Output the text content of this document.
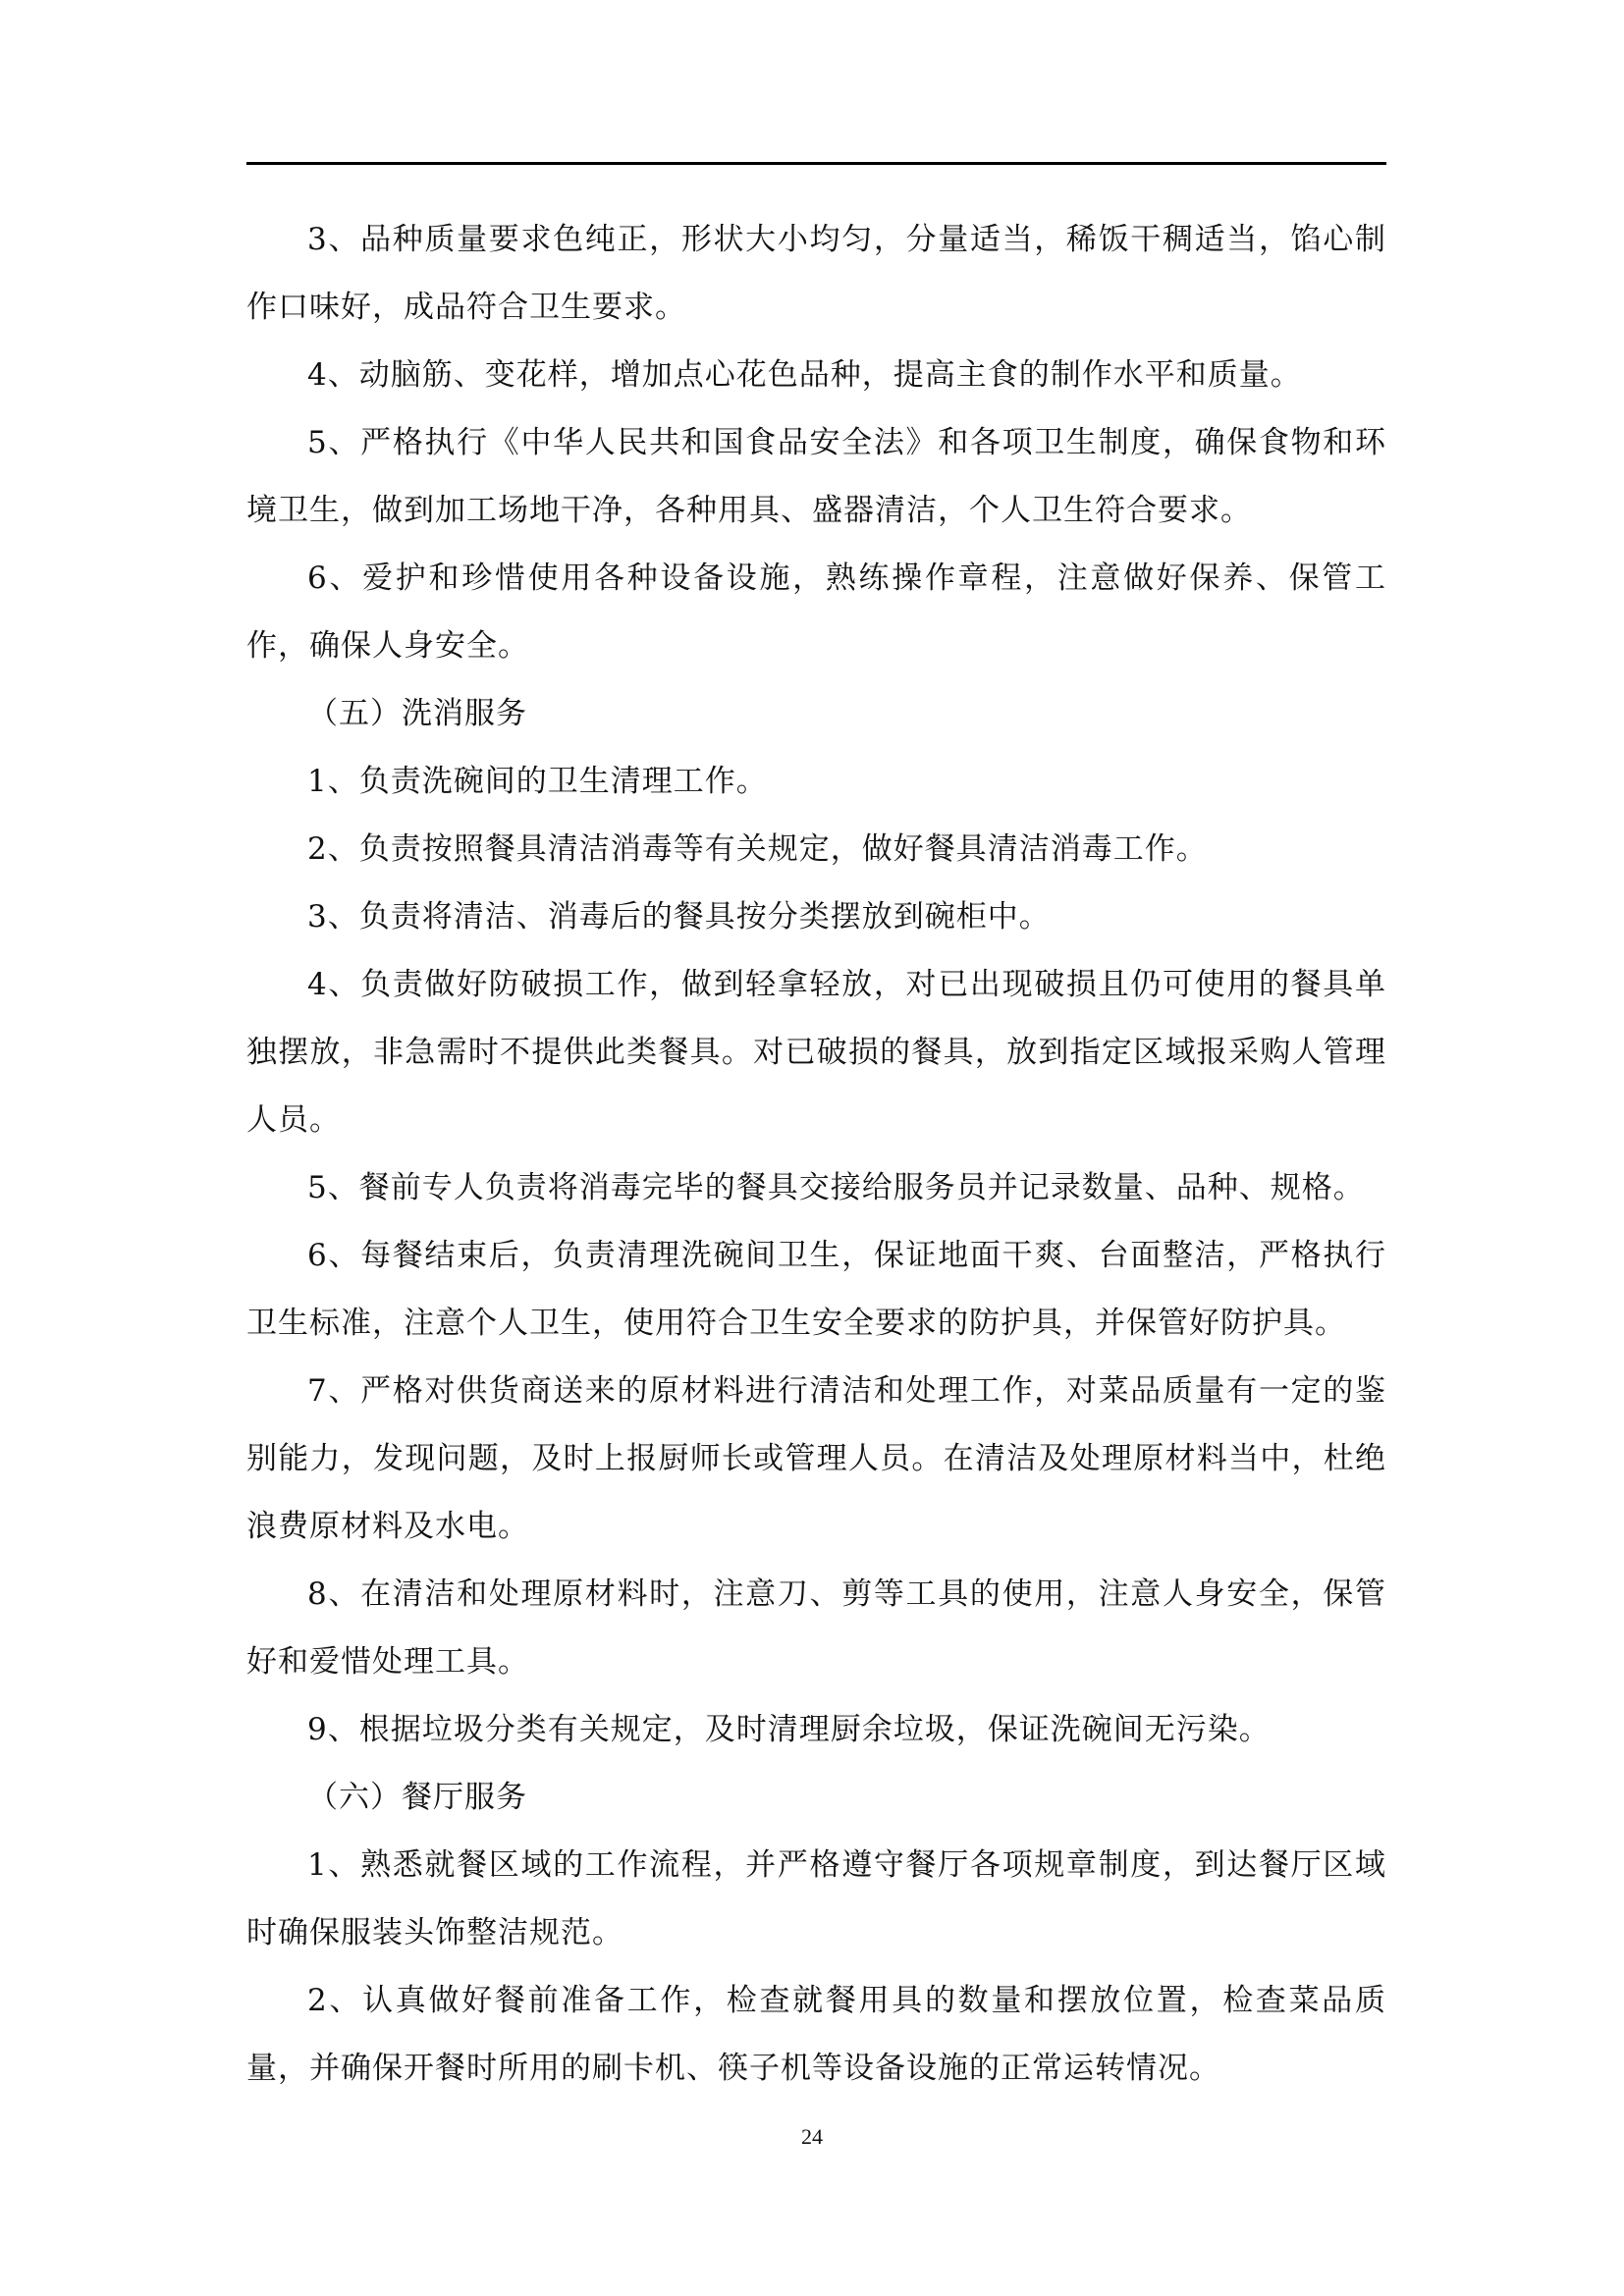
3、品种质量要求色纯正，形状大小均匀，分量适当，稀饭干稠适当，馅心制作口味好，成品符合卫生要求。

4、动脑筋、变花样，增加点心花色品种，提高主食的制作水平和质量。

5、严格执行《中华人民共和国食品安全法》和各项卫生制度，确保食物和环境卫生，做到加工场地干净，各种用具、盛器清洁，个人卫生符合要求。

6、爱护和珍惜使用各种设备设施，熟练操作章程，注意做好保养、保管工作，确保人身安全。

（五）洗消服务

1、负责洗碗间的卫生清理工作。

2、负责按照餐具清洁消毒等有关规定，做好餐具清洁消毒工作。

3、负责将清洁、消毒后的餐具按分类摆放到碗柜中。

4、负责做好防破损工作，做到轻拿轻放，对已出现破损且仍可使用的餐具单独摆放，非急需时不提供此类餐具。对已破损的餐具，放到指定区域报采购人管理人员。

5、餐前专人负责将消毒完毕的餐具交接给服务员并记录数量、品种、规格。

6、每餐结束后，负责清理洗碗间卫生，保证地面干爽、台面整洁，严格执行卫生标准，注意个人卫生，使用符合卫生安全要求的防护具，并保管好防护具。

7、严格对供货商送来的原材料进行清洁和处理工作，对菜品质量有一定的鉴别能力，发现问题，及时上报厨师长或管理人员。在清洁及处理原材料当中，杜绝浪费原材料及水电。

8、在清洁和处理原材料时，注意刀、剪等工具的使用，注意人身安全，保管好和爱惜处理工具。

9、根据垃圾分类有关规定，及时清理厨余垃圾，保证洗碗间无污染。

（六）餐厅服务

1、熟悉就餐区域的工作流程，并严格遵守餐厅各项规章制度，到达餐厅区域时确保服装头饰整洁规范。

2、认真做好餐前准备工作，检查就餐用具的数量和摆放位置，检查菜品质量，并确保开餐时所用的刷卡机、筷子机等设备设施的正常运转情况。

24
